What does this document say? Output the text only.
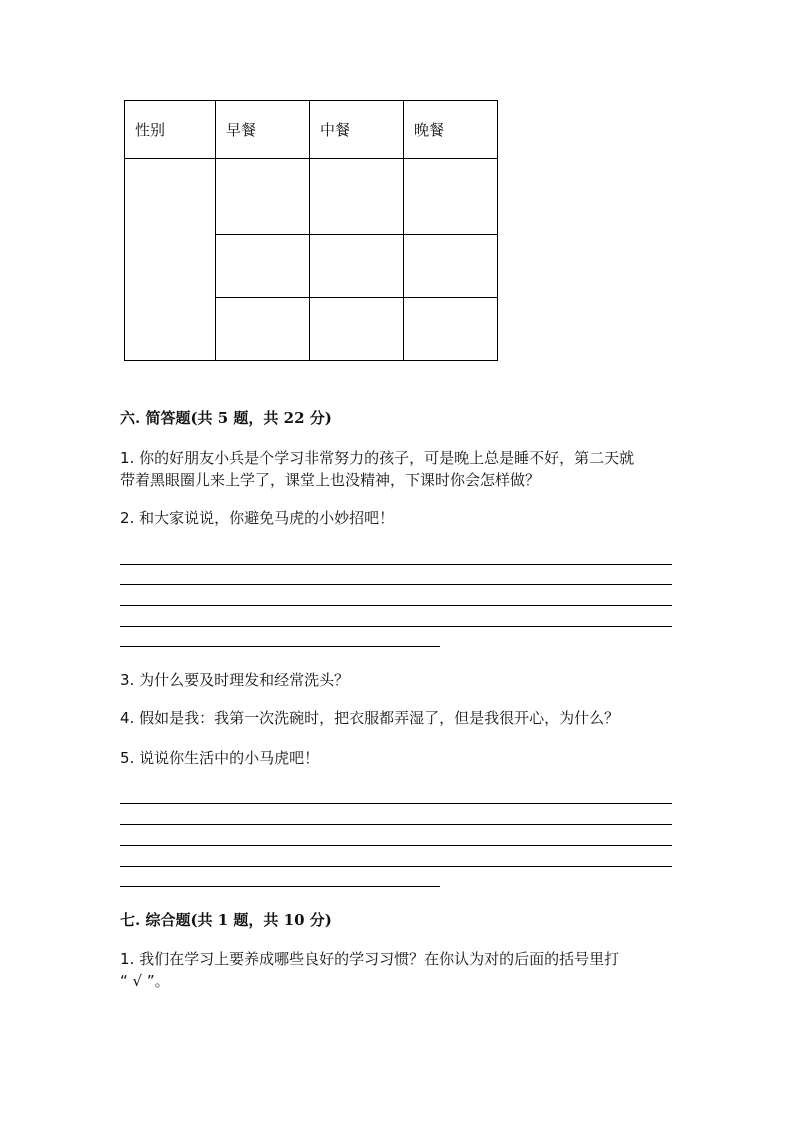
性别	早餐	中餐	晚餐

六. 简答题(共 5 题，共 22 分)
1. 你的好朋友小兵是个学习非常努力的孩子，可是晚上总是睡不好，第二天就
带着黑眼圈儿来上学了，课堂上也没精神，下课时你会怎样做？
2. 和大家说说，你避免马虎的小妙招吧！
3. 为什么要及时理发和经常洗头？
4. 假如是我：我第一次洗碗时，把衣服都弄湿了，但是我很开心，为什么？
5. 说说你生活中的小马虎吧！
七. 综合题(共 1 题，共 10 分)
1. 我们在学习上要养成哪些良好的学习习惯？在你认为对的后面的括号里打
“ √ ”。
